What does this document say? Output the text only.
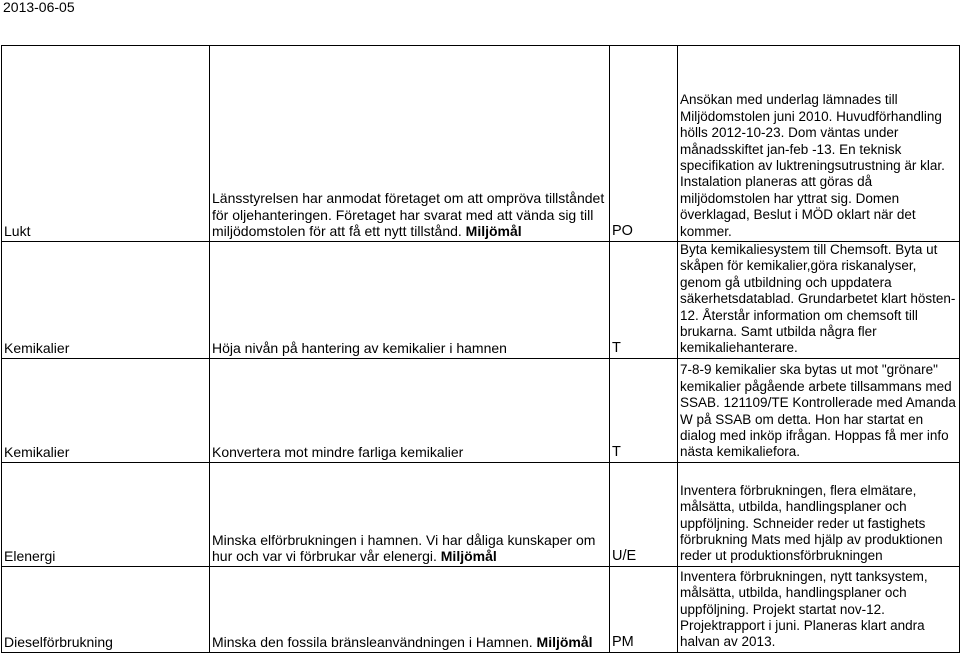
2013-06-05
Lukt	Länsstyrelsen har anmodat företaget om att ompröva tillståndet för oljehanteringen. Företaget har svarat med att vända sig till miljödomstolen för att få ett nytt tillstånd. Miljömål	PO	Ansökan med underlag lämnades till Miljödomstolen juni 2010. Huvudförhandling hölls 2012-10-23. Dom väntas under månadsskiftet jan-feb -13. En teknisk specifikation av luktreningsutrustning är klar. Instalation planeras att göras då miljödomstolen har yttrat sig. Domen överklagad, Beslut i MÖD oklart när det kommer.
Kemikalier	Höja nivån på hantering av kemikalier i hamnen	T	Byta kemikaliesystem till Chemsoft. Byta ut skåpen för kemikalier,göra riskanalyser, genom gå utbildning och uppdatera säkerhetsdatablad. Grundarbetet klart hösten-12. Återstår information om chemsoft till brukarna. Samt utbilda några fler kemikaliehanterare.
Kemikalier	Konvertera mot mindre farliga kemikalier	T	7-8-9 kemikalier ska bytas ut mot "grönare" kemikalier pågående arbete tillsammans med SSAB. 121109/TE Kontrollerade med Amanda W på SSAB om detta. Hon har startat en dialog med inköp ifrågan. Hoppas få mer info nästa kemikaliefora.
Elenergi	Minska elförbrukningen i hamnen. Vi har dåliga kunskaper om hur och var vi förbrukar vår elenergi. Miljömål	U/E	Inventera förbrukningen, flera elmätare, målsätta, utbilda, handlingsplaner och uppföljning. Schneider reder ut fastighets förbrukning Mats med hjälp av produktionen reder ut produktionsförbrukningen
Dieselförbrukning	Minska den fossila bränsleanvändningen i Hamnen. Miljömål	PM	Inventera förbrukningen, nytt tanksystem, målsätta, utbilda, handlingsplaner och uppföljning. Projekt startat nov-12. Projektrapport i juni. Planeras klart andra halvan av 2013.
